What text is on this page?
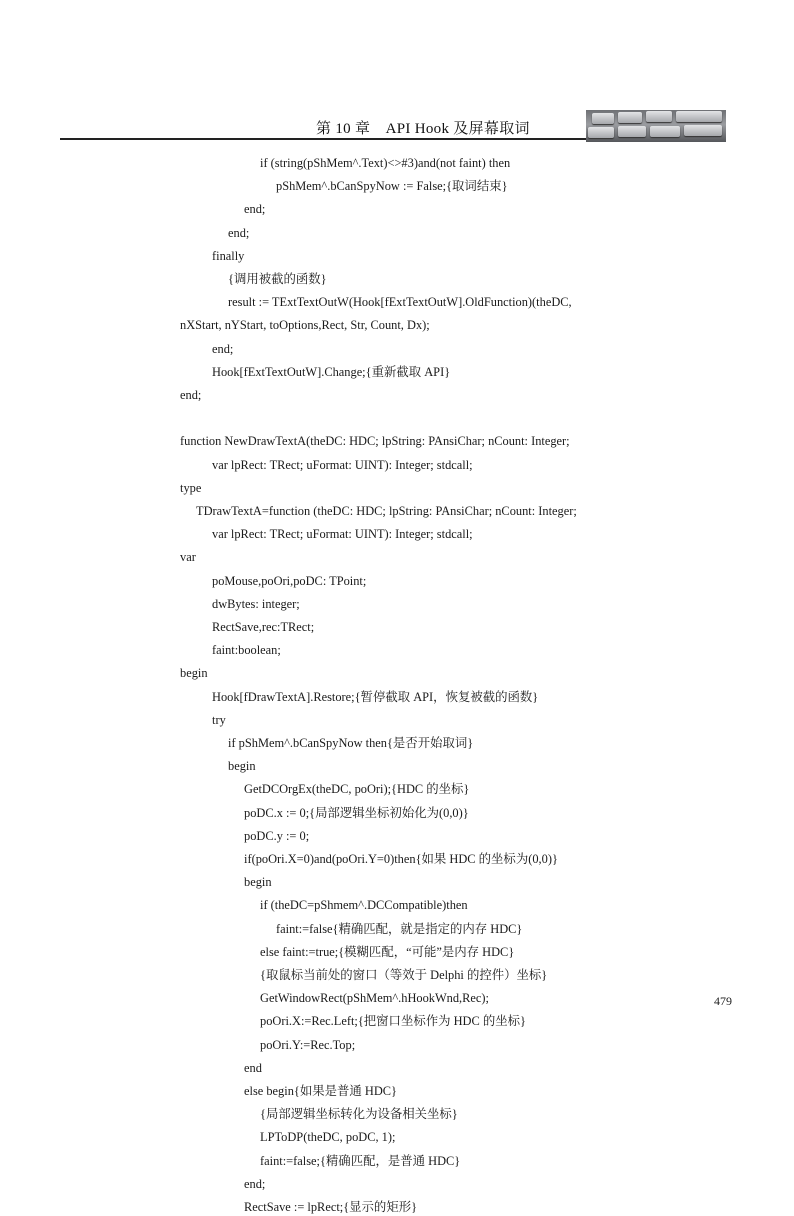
第 10 章　API Hook 及屏幕取词
if (string(pShMem^.Text)<>#3)and(not faint) then
pShMem^.bCanSpyNow := False;{取词结束}
end;
end;
finally
{调用被截的函数}
result := TExtTextOutW(Hook[fExtTextOutW].OldFunction)(theDC,
nXStart, nYStart, toOptions,Rect, Str, Count, Dx);
end;
Hook[fExtTextOutW].Change;{重新截取 API}
end;
function NewDrawTextA(theDC: HDC; lpString: PAnsiChar; nCount: Integer;
var lpRect: TRect; uFormat: UINT): Integer; stdcall;
type
TDrawTextA=function (theDC: HDC; lpString: PAnsiChar; nCount: Integer;
var lpRect: TRect; uFormat: UINT): Integer; stdcall;
var
poMouse,poOri,poDC: TPoint;
dwBytes: integer;
RectSave,rec:TRect;
faint:boolean;
begin
Hook[fDrawTextA].Restore;{暂停截取 API，恢复被截的函数}
try
if pShMem^.bCanSpyNow then{是否开始取词}
begin
GetDCOrgEx(theDC, poOri);{HDC 的坐标}
poDC.x := 0;{局部逻辑坐标初始化为(0,0)}
poDC.y := 0;
if(poOri.X=0)and(poOri.Y=0)then{如果 HDC 的坐标为(0,0)}
begin
if (theDC=pShmem^.DCCompatible)then
faint:=false{精确匹配，就是指定的内存 HDC}
else faint:=true;{模糊匹配，“可能”是内存 HDC}
{取鼠标当前处的窗口（等效于 Delphi 的控件）坐标}
GetWindowRect(pShMem^.hHookWnd,Rec);
poOri.X:=Rec.Left;{把窗口坐标作为 HDC 的坐标}
poOri.Y:=Rec.Top;
end
else begin{如果是普通 HDC}
{局部逻辑坐标转化为设备相关坐标}
LPToDP(theDC, poDC, 1);
faint:=false;{精确匹配，是普通 HDC}
end;
RectSave := lpRect;{显示的矩形}
479
